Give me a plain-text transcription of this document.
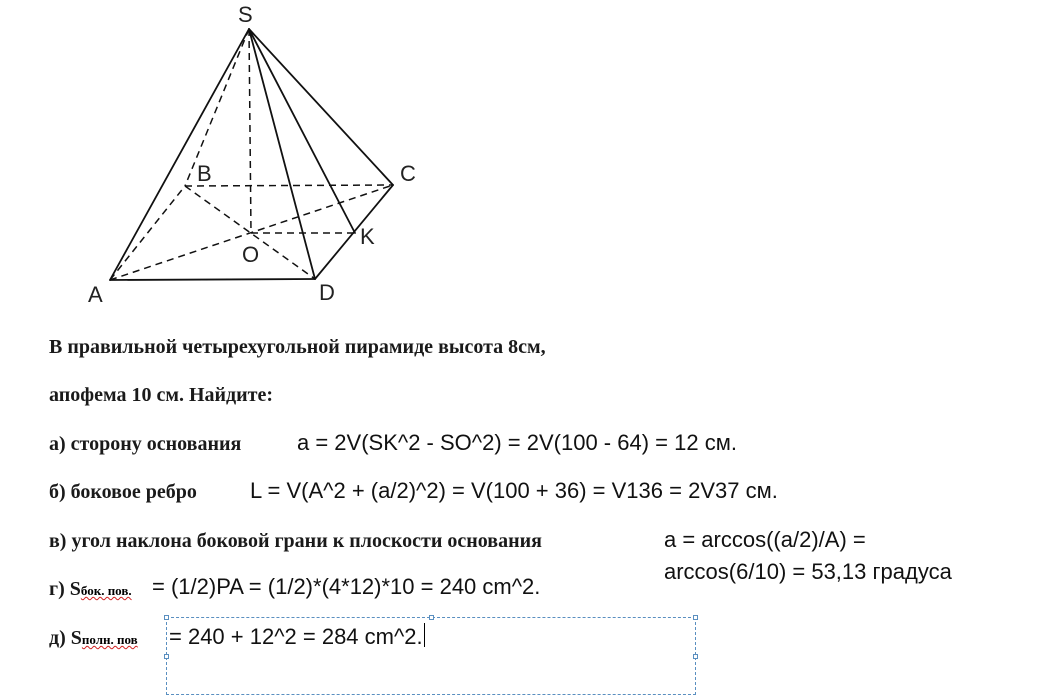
S
B	C
O
K
A	D
В правильной четырехугольной пирамиде высота 8см,
апофема 10 см. Найдите:
а) сторону основания	a = 2V(SK^2 - SO^2) = 2V(100 - 64) = 12 см.
б) боковое ребро L = V(A^2 + (a/2)^2) = V(100 + 36) = V136 = 2V37 см.
в) угол наклона боковой грани к плоскости основания	a = arccos((a/2)/A) =
arccos(6/10) = 53,13 градуса
г) Sбок. пов. = (1/2)PA = (1/2)*(4*12)*10 = 240 cm^2.
д) Sполн. пов = 240 + 12^2 = 284 cm^2.
